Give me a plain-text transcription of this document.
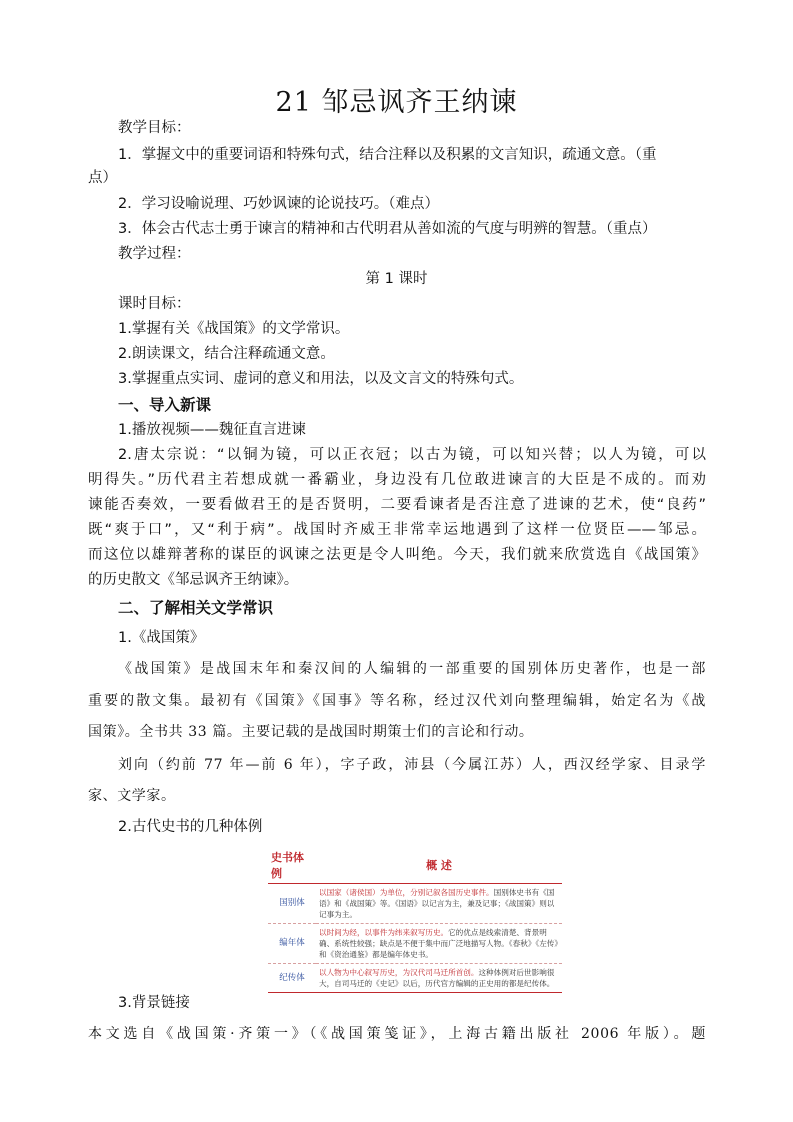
21 邹忌讽齐王纳谏
教学目标：
1．掌握文中的重要词语和特殊句式，结合注释以及积累的文言知识，疏通文意。（重
点）
2．学习设喻说理、巧妙讽谏的论说技巧。（难点）
3．体会古代志士勇于谏言的精神和古代明君从善如流的气度与明辨的智慧。（重点）
教学过程：
第 1 课时
课时目标：
1.掌握有关《战国策》的文学常识。
2.朗读课文，结合注释疏通文意。
3.掌握重点实词、虚词的意义和用法，以及文言文的特殊句式。
一、导入新课
1.播放视频——魏征直言进谏
2.唐太宗说：“以铜为镜，可以正衣冠；以古为镜，可以知兴替；以人为镜，可以
明得失。”历代君主若想成就一番霸业，身边没有几位敢进谏言的大臣是不成的。而劝
谏能否奏效，一要看做君王的是否贤明，二要看谏者是否注意了进谏的艺术，使“良药”
既“爽于口”，又“利于病”。战国时齐威王非常幸运地遇到了这样一位贤臣——邹忌。
而这位以雄辩著称的谋臣的讽谏之法更是令人叫绝。今天，我们就来欣赏选自《战国策》
的历史散文《邹忌讽齐王纳谏》。
二、了解相关文学常识
1.《战国策》
《战国策》是战国末年和秦汉间的人编辑的一部重要的国别体历史著作，也是一部
重要的散文集。最初有《国策》《国事》等名称，经过汉代刘向整理编辑，始定名为《战
国策》。全书共 33 篇。主要记载的是战国时期策士们的言论和行动。
刘向（约前 77 年—前 6 年），字子政，沛县（今属江苏）人，西汉经学家、目录学
家、文学家。
2.古代史书的几种体例
史书体例	概 述
国别体	以国家（诸侯国）为单位，分别记叙各国历史事件。国别体史书有《国语》和《战国策》等。《国语》以记言为主，兼及记事；《战国策》则以记事为主。
编年体	以时间为经，以事件为纬来叙写历史。它的优点是线索清楚、背景明确、系统性较强；缺点是不便于集中而广泛地描写人物。《春秋》《左传》和《资治通鉴》都是编年体史书。
纪传体	以人物为中心叙写历史，为汉代司马迁所首创。这种体例对后世影响很大，自司马迁的《史记》以后，历代官方编辑的正史用的都是纪传体。
3.背景链接
本文选自《战国策·齐策一》（《战国策笺证》，上海古籍出版社 2006 年版）。题
